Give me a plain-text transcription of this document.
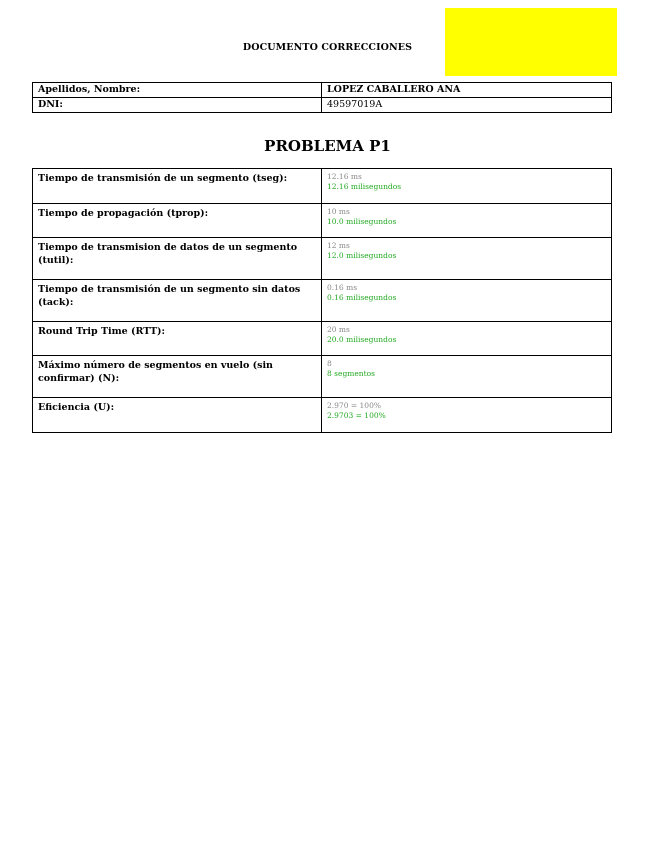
DOCUMENTO CORRECCIONES
Apellidos, Nombre:	LOPEZ CABALLERO ANA
DNI:	49597019A
PROBLEMA P1
Tiempo de transmisión de un segmento (tseg):	12.16 ms
12.16 milisegundos

Tiempo de propagación (tprop):	10 ms
10.0 milisegundos

Tiempo de transmision de datos de un segmento (tutil):	12 ms
12.0 milisegundos

Tiempo de transmisión de un segmento sin datos (tack):	0.16 ms
0.16 milisegundos

Round Trip Time (RTT):	20 ms
20.0 milisegundos

Máximo número de segmentos en vuelo (sin confirmar) (N):	8
8 segmentos

Eficiencia (U):	2.970 = 100%
2.9703 = 100%
